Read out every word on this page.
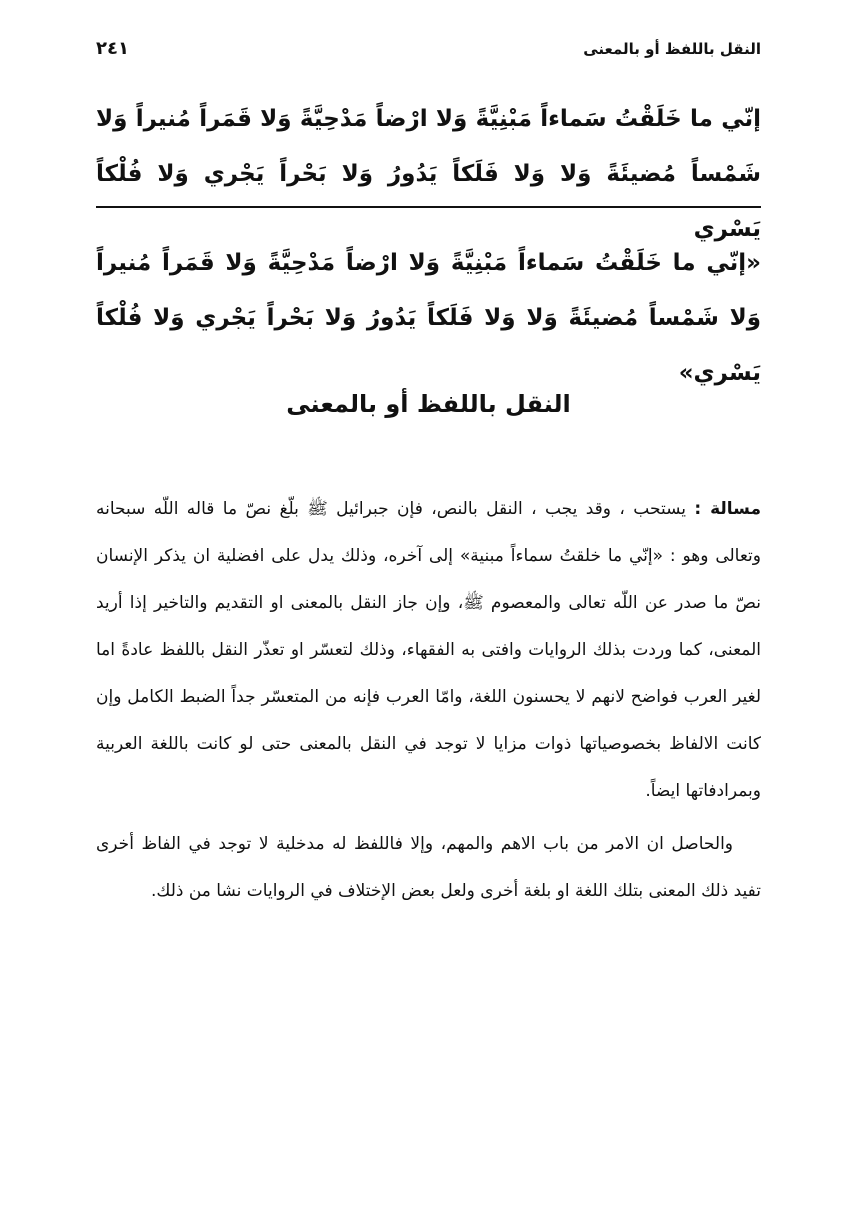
النقل باللفظ أو بالمعنى
٢٤١
إنّي ما خَلَقْتُ سَماءاً مَبْنِيَّةً وَلا ارْضاً مَدْحِيَّةً وَلا قَمَراً مُنيراً وَلا شَمْساً مُضيئَةً وَلا وَلا فَلَكاً يَدُورُ وَلا بَحْراً يَجْري وَلا فُلْكاً يَسْري
«إنّي ما خَلَقْتُ سَماءاً مَبْنِيَّةً وَلا ارْضاً مَدْحِيَّةً وَلا قَمَراً مُنيراً وَلا شَمْساً مُضيئَةً وَلا وَلا فَلَكاً يَدُورُ وَلا بَحْراً يَجْري وَلا فُلْكاً يَسْري»
النقل باللفظ أو بالمعنى

مسالة : يستحب ، وقد يجب ، النقل بالنص، فإن جبرائيل ﷺ بلّغ نصّ ما قاله اللّه سبحانه وتعالى وهو : «إنّي ما خلقتُ سماءاً مبنية» إلى آخره، وذلك يدل على افضلية ان يذكر الإنسان نصّ ما صدر عن اللّه تعالى والمعصوم ﷺ، وإن جاز النقل بالمعنى او التقديم والتاخير إذا أريد المعنى، كما وردت بذلك الروايات وافتى به الفقهاء، وذلك لتعسّر او تعذّر النقل باللفظ عادةً اما لغير العرب فواضح لانهم لا يحسنون اللغة، وامّا العرب فإنه من المتعسّر جداً الضبط الكامل وإن كانت الالفاظ بخصوصياتها ذوات مزايا لا توجد في النقل بالمعنى حتى لو كانت باللغة العربية وبمرادفاتها ايضاً.

والحاصل ان الامر من باب الاهم والمهم، وإلا فاللفظ له مدخلية لا توجد في الفاظ أخرى تفيد ذلك المعنى بتلك اللغة او بلغة أخرى ولعل بعض الإختلاف في الروايات نشا من ذلك.
